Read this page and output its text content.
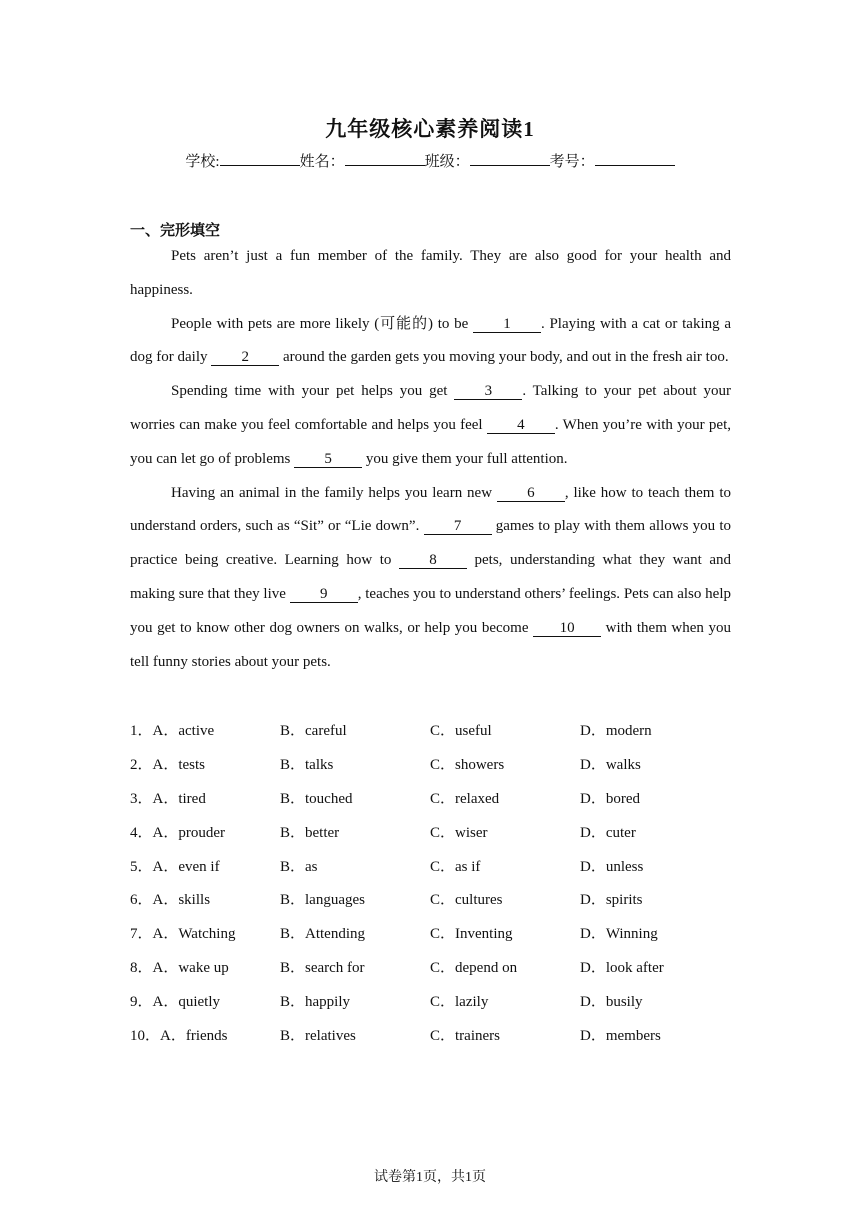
九年级核心素养阅读1
学校:	姓名：	班级：	考号：
一、完形填空

Pets aren’t just a fun member of the family. They are also good for your health and happiness.

People with pets are more likely (可能的) to be 1 . Playing with a cat or taking a dog for daily 2 around the garden gets you moving your body, and out in the fresh air too.

Spending time with your pet helps you get 3 . Talking to your pet about your worries can make you feel comfortable and helps you feel 4 . When you’re with your pet, you can let go of problems 5 you give them your full attention.

Having an animal in the family helps you learn new 6 , like how to teach them to understand orders, such as “Sit” or “Lie down”. 7 games to play with them allows you to practice being creative. Learning how to 8 pets, understanding what they want and making sure that they live 9 , teaches you to understand others’ feelings. Pets can also help you get to know other dog owners on walks, or help you become 10 with them when you tell funny stories about your pets.

1．A．active	B．careful	C．useful	D．modern
2．A．tests	B．talks	C．showers	D．walks
3．A．tired	B．touched	C．relaxed	D．bored
4．A．prouder	B．better	C．wiser	D．cuter
5．A．even if	B．as	C．as if	D．unless
6．A．skills	B．languages	C．cultures	D．spirits
7．A．Watching	B．Attending	C．Inventing	D．Winning
8．A．wake up	B．search for	C．depend on	D．look after
9．A．quietly	B．happily	C．lazily	D．busily
10．A．friends	B．relatives	C．trainers	D．members
试卷第1页，共1页
